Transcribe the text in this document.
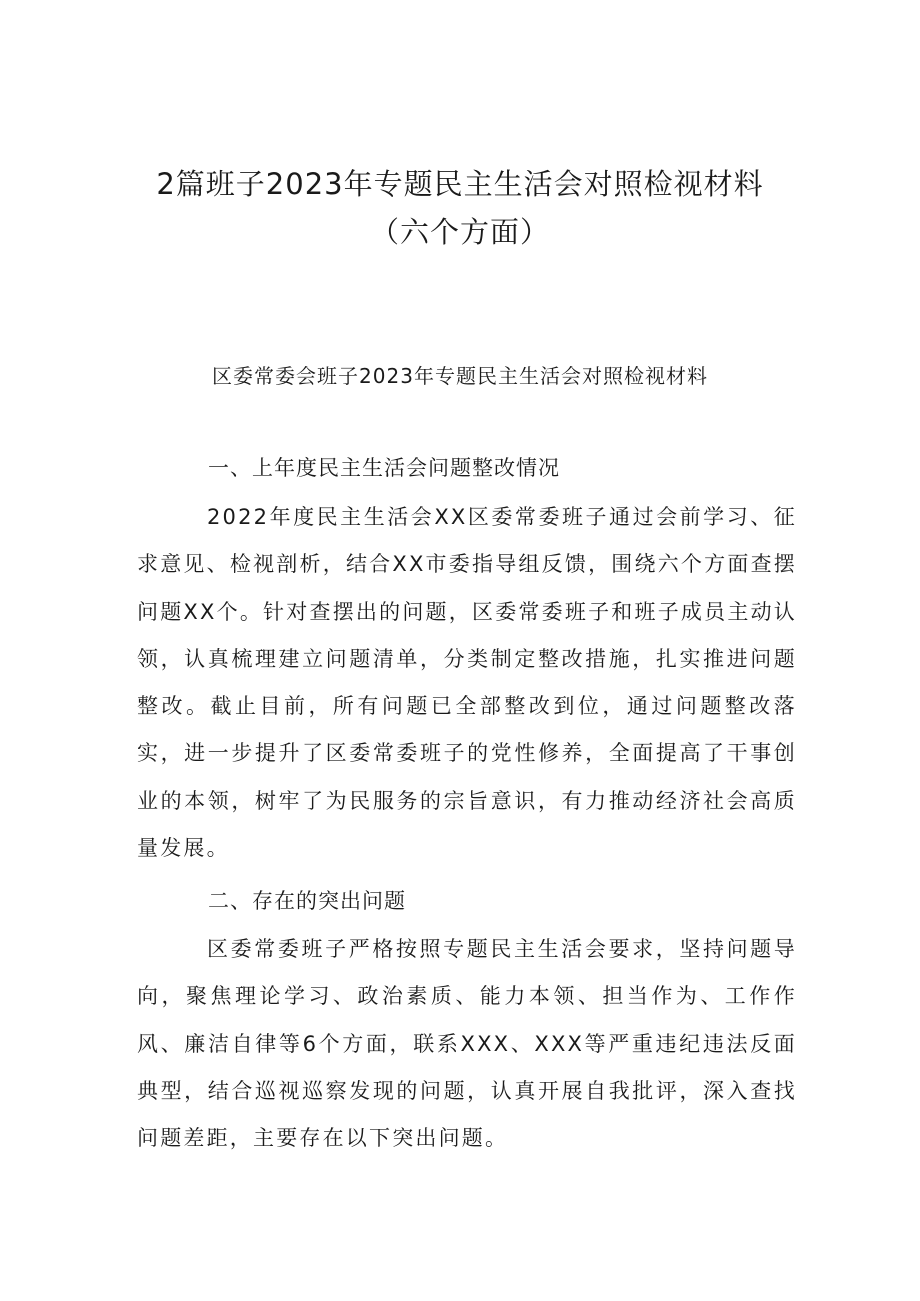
2篇班子2023年专题民主生活会对照检视材料
（六个方面）
区委常委会班子2023年专题民主生活会对照检视材料
一、上年度民主生活会问题整改情况

2022年度民主生活会XX区委常委班子通过会前学习、征求意见、检视剖析，结合XX市委指导组反馈，围绕六个方面查摆问题XX个。针对查摆出的问题，区委常委班子和班子成员主动认领，认真梳理建立问题清单，分类制定整改措施，扎实推进问题整改。截止目前，所有问题已全部整改到位，通过问题整改落实，进一步提升了区委常委班子的党性修养，全面提高了干事创业的本领，树牢了为民服务的宗旨意识，有力推动经济社会高质量发展。

二、存在的突出问题

区委常委班子严格按照专题民主生活会要求，坚持问题导向，聚焦理论学习、政治素质、能力本领、担当作为、工作作风、廉洁自律等6个方面，联系XXX、XXX等严重违纪违法反面典型，结合巡视巡察发现的问题，认真开展自我批评，深入查找问题差距，主要存在以下突出问题。
